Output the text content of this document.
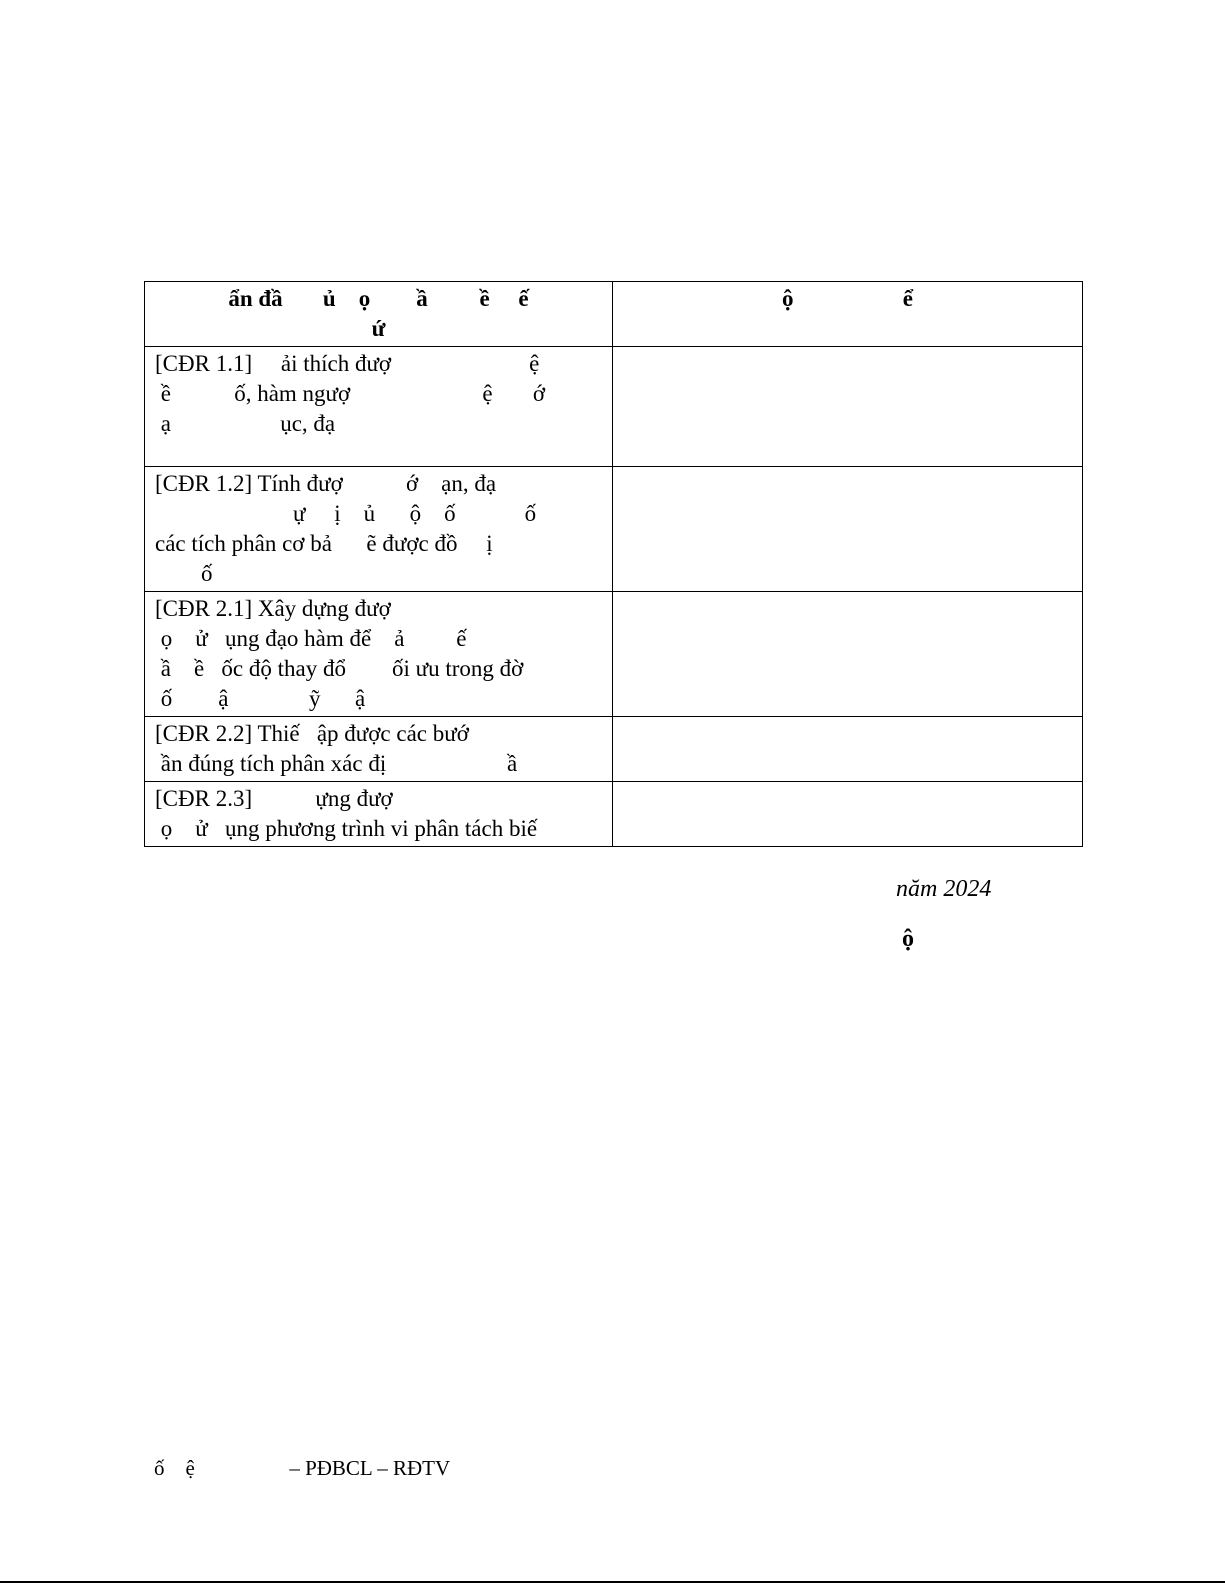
ẩn đầ       ủ    ọ        ầ         ề     ế
ứ	ộ                   ể

[CĐR 1.1]     ải thích đượ                        ệ
ề           ố, hàm ngượ                       ệ       ớ
ạ                   ục, đạ	

[CĐR 1.2] Tính đượ           ớ    ạn, đạ
ự     ị    ủ      ộ    ố            ố
các tích phân cơ bả      ẽ được đồ     ị
ố	

[CĐR 2.1] Xây dựng đượ
ọ    ử   ụng đạo hàm để    ả         ế
ầ    ề   ốc độ thay đổ        ối ưu trong đờ
ố        ậ              ỹ      ậ	

[CĐR 2.2] Thiế   ập được các bướ
ần đúng tích phân xác đị                     ầ	

[CĐR 2.3]           ựng đượ
ọ    ử   ụng phương trình vi phân tách biế	

năm 2024
ộ
ố    ệ                  – PĐBCL – RĐTV
